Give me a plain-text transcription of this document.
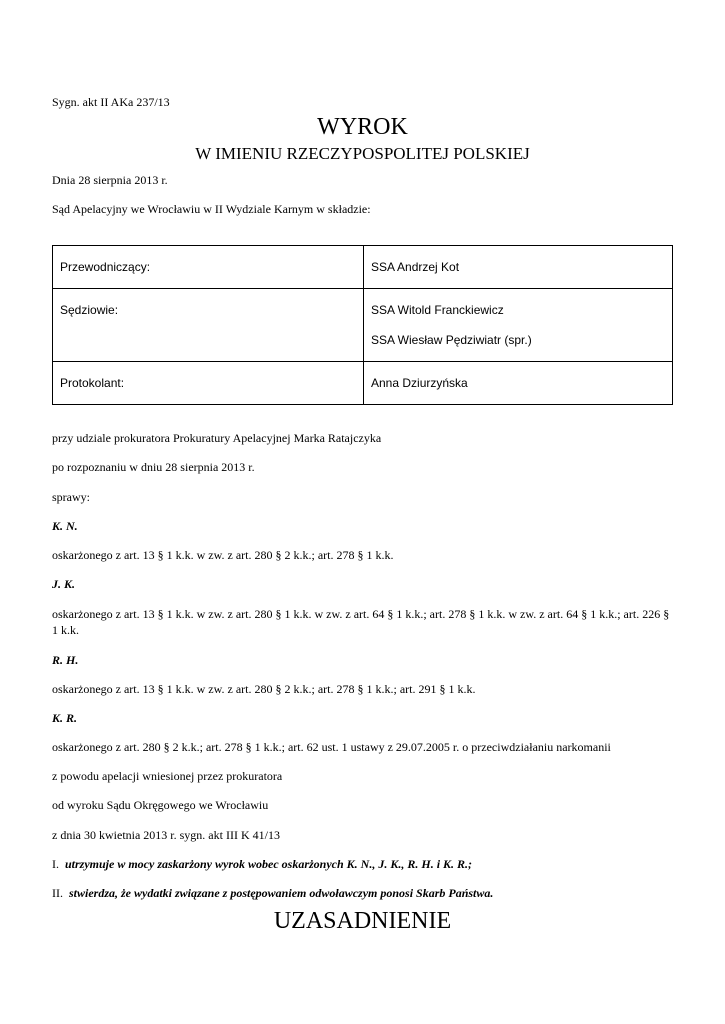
Sygn. akt II AKa 237/13
WYROK
W IMIENIU RZECZYPOSPOLITEJ POLSKIEJ
Dnia 28 sierpnia 2013 r.
Sąd Apelacyjny we Wrocławiu w II Wydziale Karnym w składzie:
Przewodniczący:	SSA Andrzej Kot

Sędziowie:	SSA Witold Franckiewicz
SSA Wiesław Pędziwiatr (spr.)

Protokolant:	Anna Dziurzyńska
przy udziale prokuratora Prokuratury Apelacyjnej Marka Ratajczyka
po rozpoznaniu w dniu 28 sierpnia 2013 r.
sprawy:
K. N.
oskarżonego z art. 13 § 1 k.k. w zw. z art. 280 § 2 k.k.; art. 278 § 1 k.k.
J. K.
oskarżonego z art. 13 § 1 k.k. w zw. z art. 280 § 1 k.k. w zw. z art. 64 § 1 k.k.; art. 278 § 1 k.k. w zw. z art. 64 § 1 k.k.; art. 226 § 1 k.k.
R. H.
oskarżonego z art. 13 § 1 k.k. w zw. z art. 280 § 2 k.k.; art. 278 § 1 k.k.; art. 291 § 1 k.k.
K. R.
oskarżonego z art. 280 § 2 k.k.; art. 278 § 1 k.k.; art. 62 ust. 1 ustawy z 29.07.2005 r. o przeciwdziałaniu narkomanii
z powodu apelacji wniesionej przez prokuratora
od wyroku Sądu Okręgowego we Wrocławiu
z dnia 30 kwietnia 2013 r. sygn. akt III K 41/13
I. utrzymuje w mocy zaskarżony wyrok wobec oskarżonych K. N., J. K., R. H. i K. R.;
II. stwierdza, że wydatki związane z postępowaniem odwoławczym ponosi Skarb Państwa.
UZASADNIENIE
